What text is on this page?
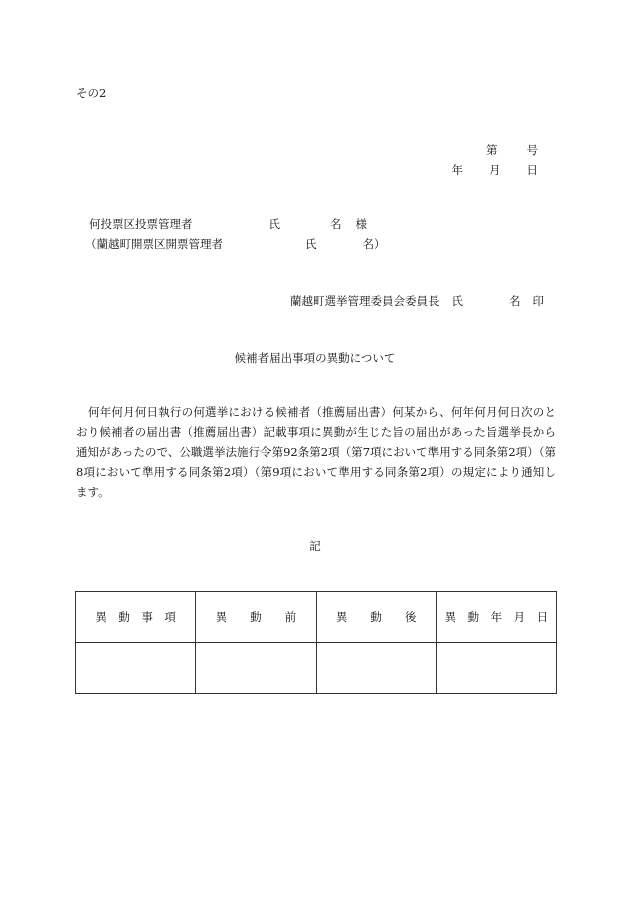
その2
第	号
年 月 日
何投票区投票管理者	氏	名 様
（蘭越町開票区開票管理者	氏	名）
蘭越町選挙管理委員会委員長 氏	名 印
候補者届出事項の異動について
何年何月何日執行の何選挙における候補者（推薦届出書）何某から、何年何月何日次のとおり候補者の届出書（推薦届出書）記載事項に異動が生じた旨の届出があった旨選挙長から通知があったので、公職選挙法施行令第92条第2項（第7項において準用する同条第2項）（第8項において準用する同条第2項）（第9項において準用する同条第2項）の規定により通知します。
記
異　動　事　項	異　　動　　前	異　　動　　後	異　動　年　月　日
